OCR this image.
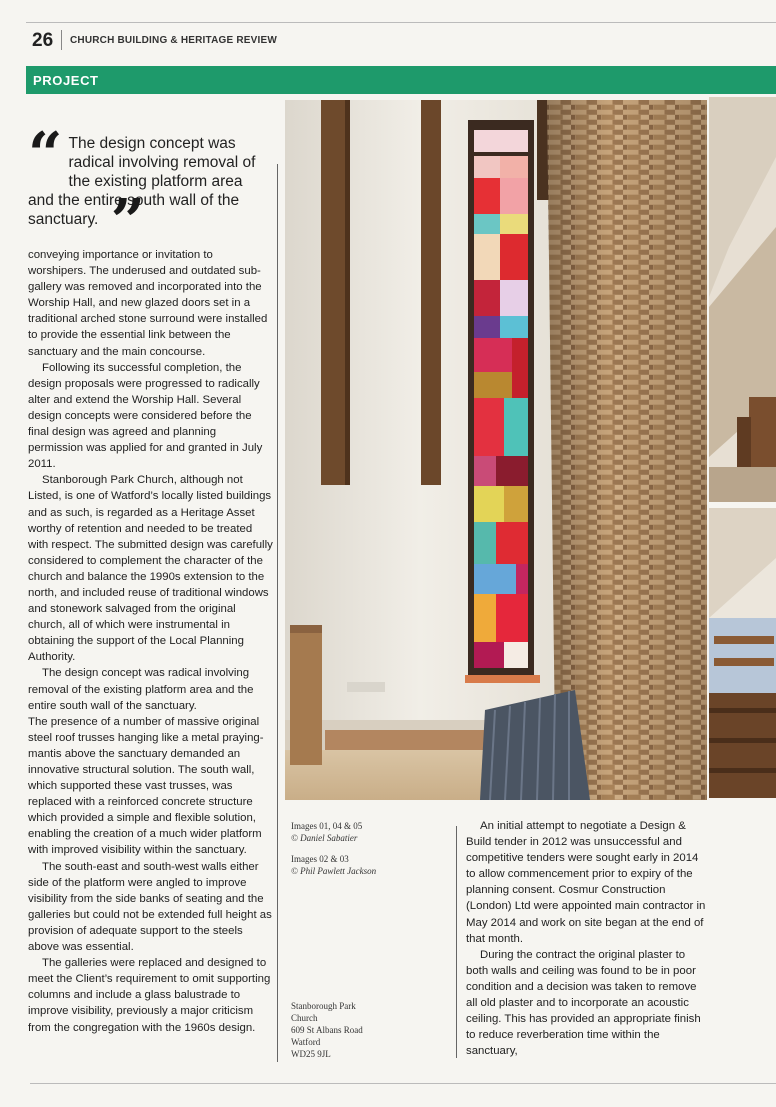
26 CHURCH BUILDING & HERITAGE REVIEW
PROJECT
“ The design concept was radical involving removal of the existing platform area and the entire south wall of the sanctuary. ”

conveying importance or invitation to worshipers. The underused and outdated sub-gallery was removed and incorporated into the Worship Hall, and new glazed doors set in a traditional arched stone surround were installed to provide the essential link between the sanctuary and the main concourse.

Following its successful completion, the design proposals were progressed to radically alter and extend the Worship Hall. Several design concepts were considered before the final design was agreed and planning permission was applied for and granted in July 2011.

Stanborough Park Church, although not Listed, is one of Watford’s locally listed buildings and as such, is regarded as a Heritage Asset worthy of retention and needed to be treated with respect. The submitted design was carefully considered to complement the character of the church and balance the 1990s extension to the north, and included reuse of traditional windows and stonework salvaged from the original church, all of which were instrumental in obtaining the support of the Local Planning Authority.

The design concept was radical involving removal of the existing platform area and the entire south wall of the sanctuary.

The presence of a number of massive original steel roof trusses hanging like a metal praying-mantis above the sanctuary demanded an innovative structural solution. The south wall, which supported these vast trusses, was replaced with a reinforced concrete structure which provided a simple and flexible solution, enabling the creation of a much wider platform with improved visibility within the sanctuary.

The south-east and south-west walls either side of the platform were angled to improve visibility from the side banks of seating and the galleries but could not be extended full height as provision of adequate support to the steels above was essential.

The galleries were replaced and designed to meet the Client’s requirement to omit supporting columns and include a glass balustrade to improve visibility, previously a major criticism from the congregation with the 1960s design.

Images 01, 04 & 05
© Daniel Sabatier
Images 02 & 03
© Phil Pawlett Jackson
Stanborough Park
Church
609 St Albans Road
Watford
WD25 9JL

An initial attempt to negotiate a Design & Build tender in 2012 was unsuccessful and competitive tenders were sought early in 2014 to allow commencement prior to expiry of the planning consent. Cosmur Construction (London) Ltd were appointed main contractor in May 2014 and work on site began at the end of that month.

During the contract the original plaster to both walls and ceiling was found to be in poor condition and a decision was taken to remove all old plaster and to incorporate an acoustic ceiling. This has provided an appropriate finish to reduce reverberation time within the sanctuary,
